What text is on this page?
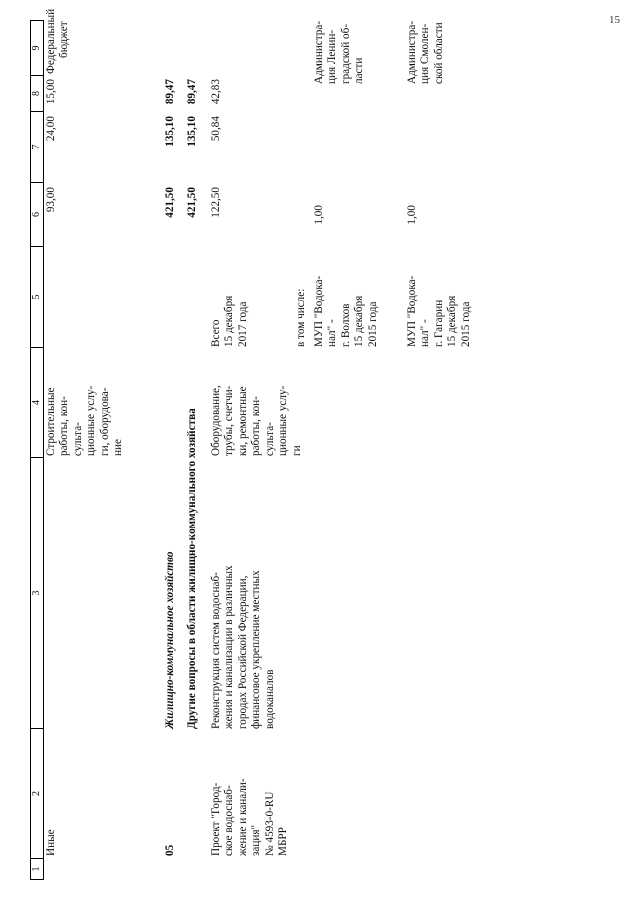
15
1
2
3
4
5
6
7
8
9
Иные
Строительные работы, кон- сульта- ционные услу- ги, оборудова- ние
93,00
24,00
15,00
Федеральный бюджет
05
Жилищно-коммунальное хозяйство
421,50
135,10
89,47
Другие вопросы в области жилищно-коммунального хозяйства
421,50
135,10
89,47
Проект "Город- ское водоснаб- жение и канали- зация" № 4593-0-RU МБРР
Реконструкция систем водоснаб- жения и канализации в различных городах Российской Федерации, финансовое укрепление местных водоканалов
Оборудование, трубы, счетчи- ки, ремонтные работы, кон- сульта- ционные услу- ги
Всего 15 декабря 2017 года
122,50
50,84
42,83
в том числе: МУП "Водока- нал" - г. Волхов 15 декабря 2015 года
1,00
Администра- ция Ленин- градской об- ласти
МУП "Водока- нал" - г. Гагарин 15 декабря 2015 года
1,00
Администра- ция Смолен- ской области
